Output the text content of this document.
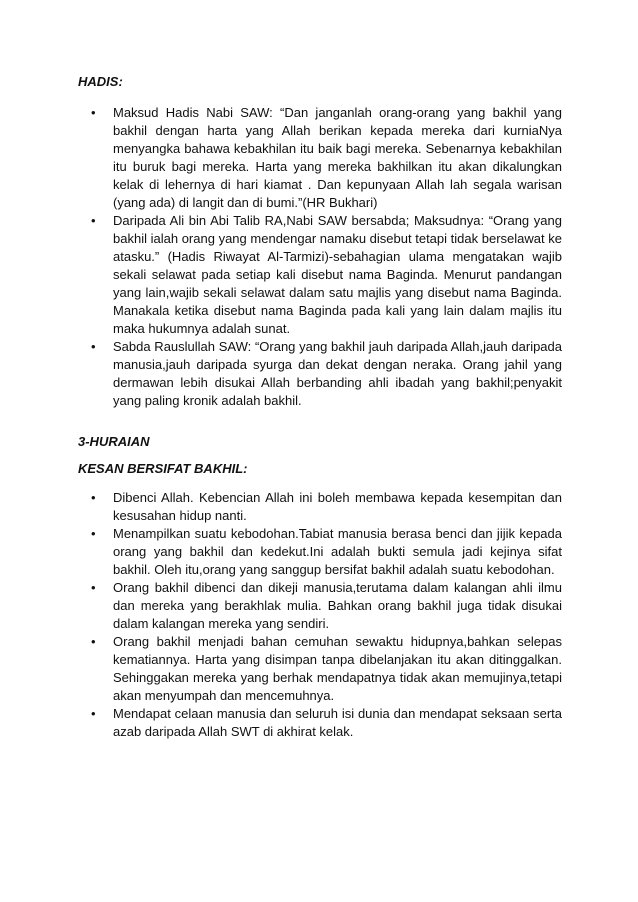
HADIS:
• Maksud Hadis Nabi SAW: “Dan janganlah orang-orang yang bakhil yang bakhil dengan harta yang Allah berikan kepada mereka dari kurniaNya menyangka bahawa kebakhilan itu baik bagi mereka. Sebenarnya kebakhilan itu buruk bagi mereka. Harta yang mereka bakhilkan itu akan dikalungkan kelak di lehernya di hari kiamat . Dan kepunyaan Allah lah segala warisan (yang ada) di langit dan di bumi.”(HR Bukhari)
• Daripada Ali bin Abi Talib RA,Nabi SAW bersabda; Maksudnya: “Orang yang bakhil ialah orang yang mendengar namaku disebut tetapi tidak berselawat ke atasku.” (Hadis Riwayat Al-Tarmizi)-sebahagian ulama mengatakan wajib sekali selawat pada setiap kali disebut nama Baginda. Menurut pandangan yang lain,wajib sekali selawat dalam satu majlis yang disebut nama Baginda. Manakala ketika disebut nama Baginda pada kali yang lain dalam majlis itu maka hukumnya adalah sunat.
• Sabda Rauslullah SAW: “Orang yang bakhil jauh daripada Allah,jauh daripada manusia,jauh daripada syurga dan dekat dengan neraka. Orang jahil yang dermawan lebih disukai Allah berbanding ahli ibadah yang bakhil;penyakit yang paling kronik adalah bakhil.
3-HURAIAN
KESAN BERSIFAT BAKHIL:
• Dibenci Allah. Kebencian Allah ini boleh membawa kepada kesempitan dan kesusahan hidup nanti.
• Menampilkan suatu kebodohan.Tabiat manusia berasa benci dan jijik kepada orang yang bakhil dan kedekut.Ini adalah bukti semula jadi kejinya sifat bakhil. Oleh itu,orang yang sanggup bersifat bakhil adalah suatu kebodohan.
• Orang bakhil dibenci dan dikeji manusia,terutama dalam kalangan ahli ilmu dan mereka yang berakhlak mulia. Bahkan orang bakhil juga tidak disukai dalam kalangan mereka yang sendiri.
• Orang bakhil menjadi bahan cemuhan sewaktu hidupnya,bahkan selepas kematiannya. Harta yang disimpan tanpa dibelanjakan itu akan ditinggalkan. Sehinggakan mereka yang berhak mendapatnya tidak akan memujinya,tetapi akan menyumpah dan mencemuhnya.
• Mendapat celaan manusia dan seluruh isi dunia dan mendapat seksaan serta azab daripada Allah SWT di akhirat kelak.
